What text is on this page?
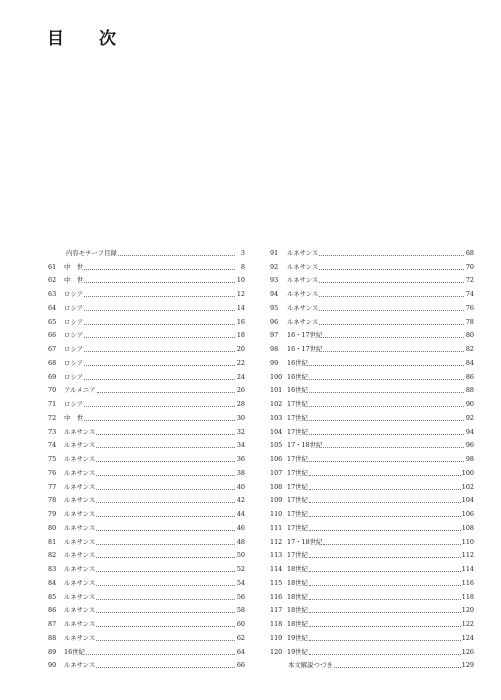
目　次
内容モチーフ目録	3
61	中　世	8
62	中　世	10
63	ロシア	12
64	ロシア	14
65	ロシア	16
66	ロシア	18
67	ロシア	20
68	ロシア	22
69	ロシア	24
70	アルメニア	26
71	ロシア	28
72	中　世	30
73	ルネサンス	32
74	ルネサンス	34
75	ルネサンス	36
76	ルネサンス	38
77	ルネサンス	40
78	ルネサンス	42
79	ルネサンス	44
80	ルネサンス	46
81	ルネサンス	48
82	ルネサンス	50
83	ルネサンス	52
84	ルネサンス	54
85	ルネサンス	56
86	ルネサンス	58
87	ルネサンス	60
88	ルネサンス	62
89	16世紀	64
90	ルネサンス	66
91	ルネサンス	68
92	ルネサンス	70
93	ルネサンス	72
94	ルネサンス	74
95	ルネサンス	76
96	ルネサンス	78
97	16・17世紀	80
98	16・17世紀	82
99	16世紀	84
100 16世紀	86
101 16世紀	88
102 17世紀	90
103 17世紀	92
104 17世紀	94
105 17・18世紀	96
106 17世紀	98
107 17世紀	100
108 17世紀	102
109 17世紀	104
110 17世紀	106
111 17世紀	108
112 17・18世紀	110
113 17世紀	112
114 18世紀	114
115 18世紀	116
116 18世紀	118
117 18世紀	120
118 18世紀	122
119 19世紀	124
120 19世紀	126
本文解説つづき	129
